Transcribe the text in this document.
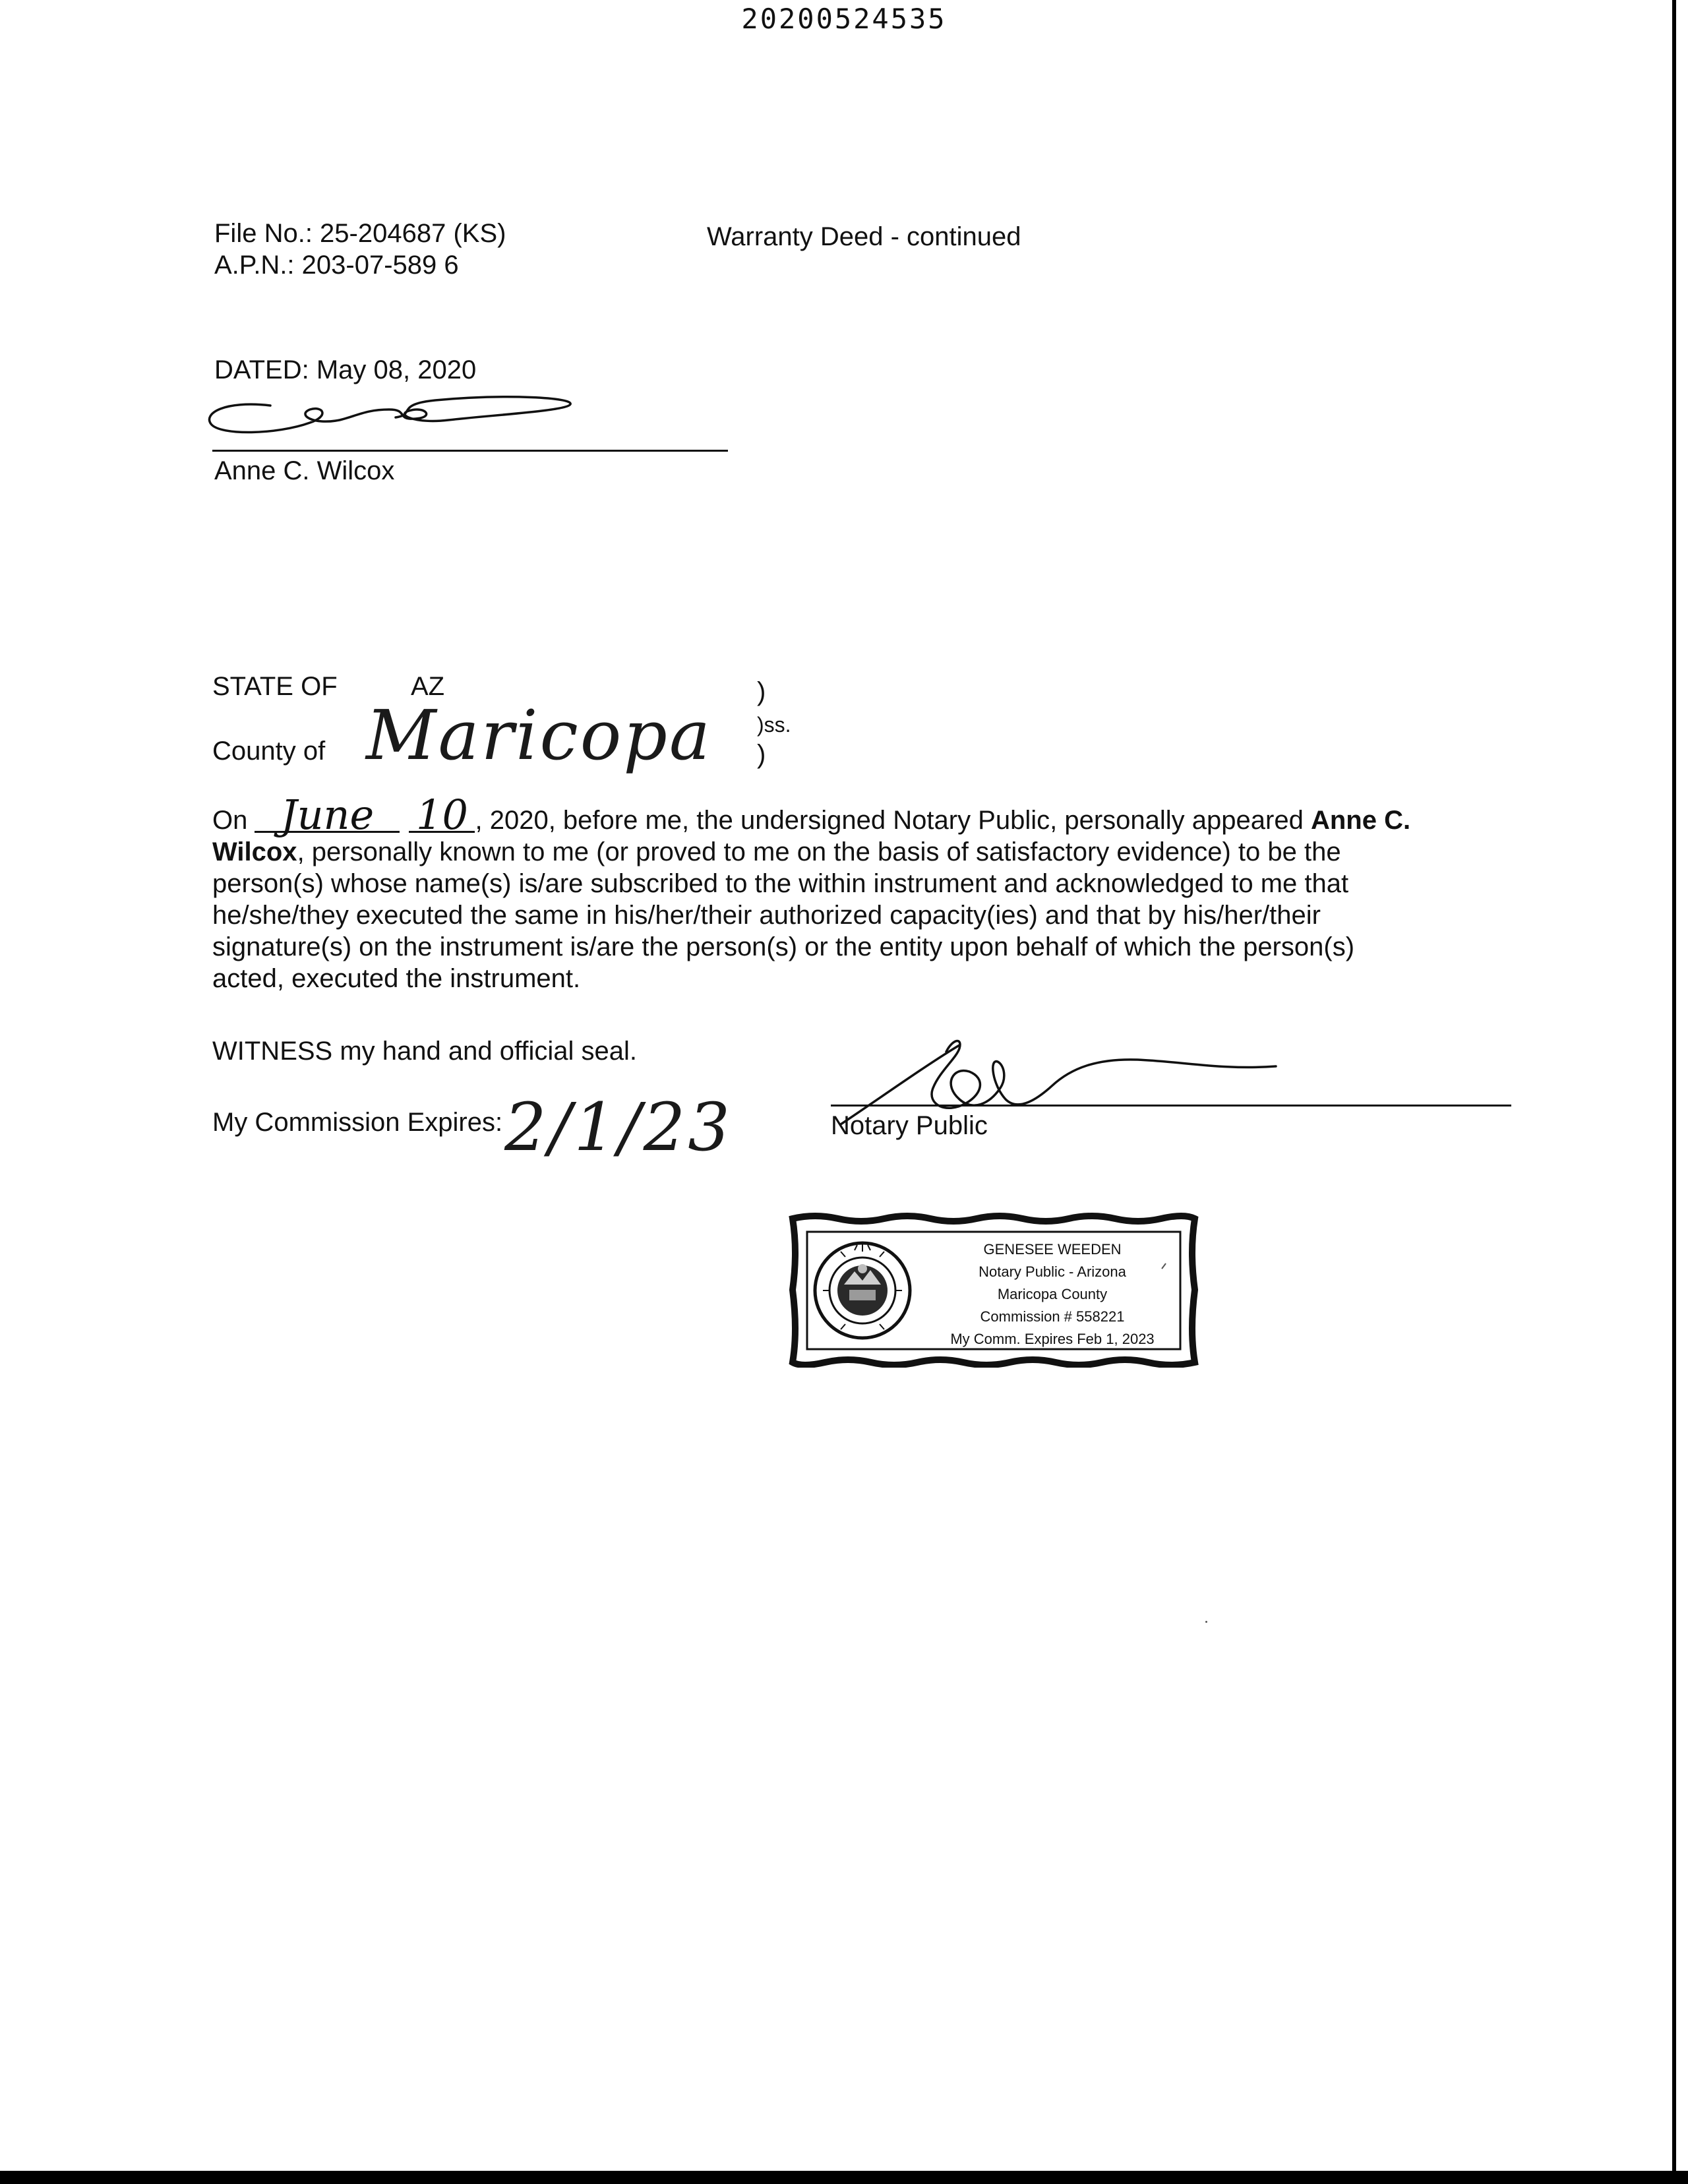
20200524535
File No.: 25-204687 (KS)
A.P.N.: 203-07-589 6
Warranty Deed - continued
DATED: May 08, 2020
Anne C. Wilcox
STATE OF	AZ	)
)ss.
)
County of Maricopa
On June 10 , 2020, before me, the undersigned Notary Public, personally appeared Anne C.
Wilcox, personally known to me (or proved to me on the basis of satisfactory evidence) to be the
person(s) whose name(s) is/are subscribed to the within instrument and acknowledged to me that
he/she/they executed the same in his/her/their authorized capacity(ies) and that by his/her/their
signature(s) on the instrument is/are the person(s) or the entity upon behalf of which the person(s)
acted, executed the instrument.
WITNESS my hand and official seal.
My Commission Expires: 2/1/23	Notary Public
GENESEE WEEDEN
Notary Public - Arizona
Maricopa County
Commission # 558221
My Comm. Expires Feb 1, 2023
